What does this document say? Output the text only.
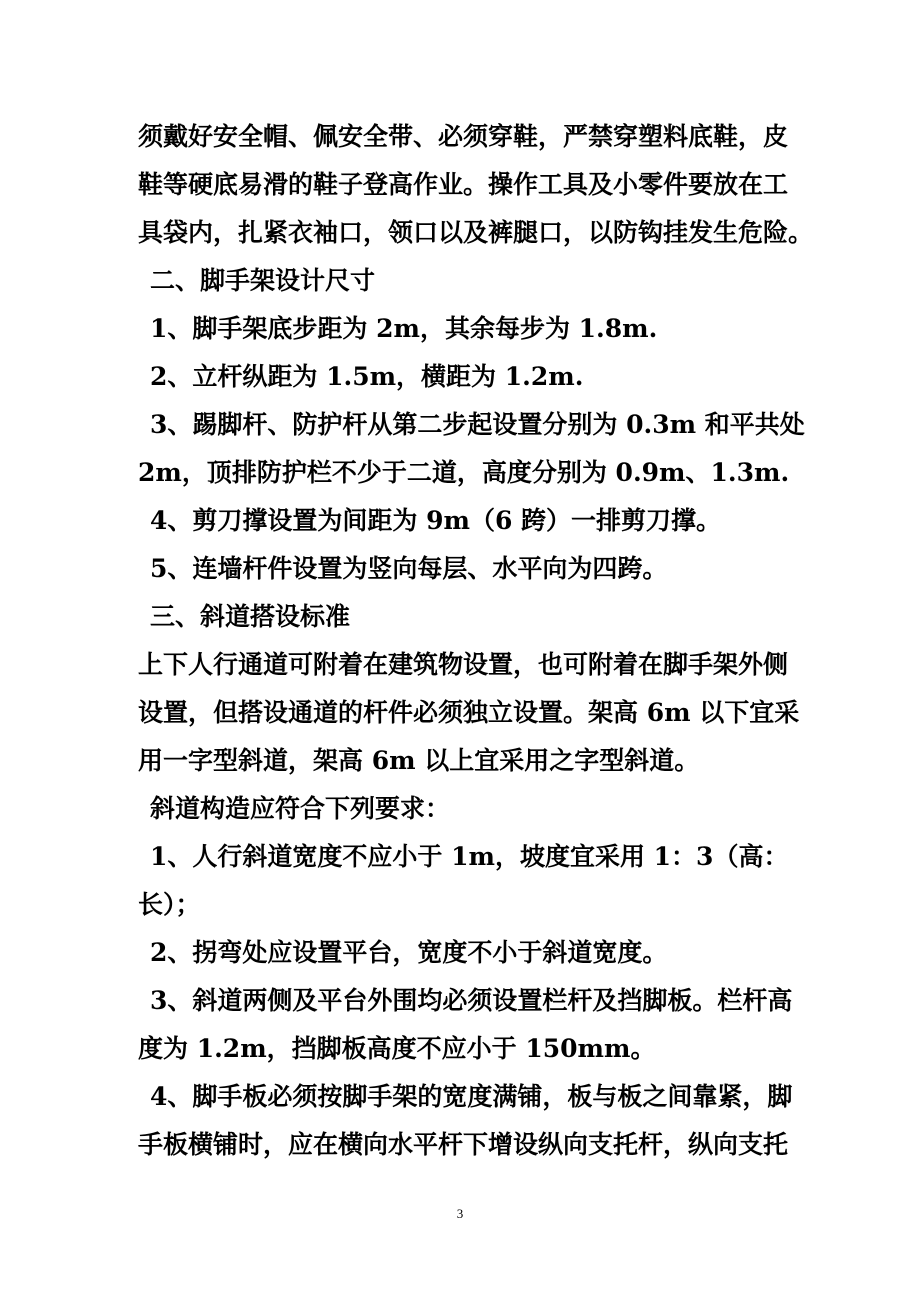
须戴好安全帽、佩安全带、必须穿鞋，严禁穿塑料底鞋，皮
鞋等硬底易滑的鞋子登高作业。操作工具及小零件要放在工
具袋内，扎紧衣袖口，领口以及裤腿口，以防钩挂发生危险。
二、脚手架设计尺寸
1、脚手架底步距为 2m，其余每步为 1.8m.
2、立杆纵距为 1.5m，横距为 1.2m.
3、踢脚杆、防护杆从第二步起设置分别为 0.3m 和平共处
2m，顶排防护栏不少于二道，高度分别为 0.9m、1.3m.
4、剪刀撑设置为间距为 9m（6 跨）一排剪刀撑。
5、连墙杆件设置为竖向每层、水平向为四跨。
三、斜道搭设标准
上下人行通道可附着在建筑物设置，也可附着在脚手架外侧
设置，但搭设通道的杆件必须独立设置。架高 6m 以下宜采
用一字型斜道，架高 6m 以上宜采用之字型斜道。
斜道构造应符合下列要求：
1、人行斜道宽度不应小于 1m，坡度宜采用 1：3（高：
长）；
2、拐弯处应设置平台，宽度不小于斜道宽度。
3、斜道两侧及平台外围均必须设置栏杆及挡脚板。栏杆高
度为 1.2m，挡脚板高度不应小于 150mm。
4、脚手板必须按脚手架的宽度满铺，板与板之间靠紧，脚
手板横铺时，应在横向水平杆下增设纵向支托杆，纵向支托
3
